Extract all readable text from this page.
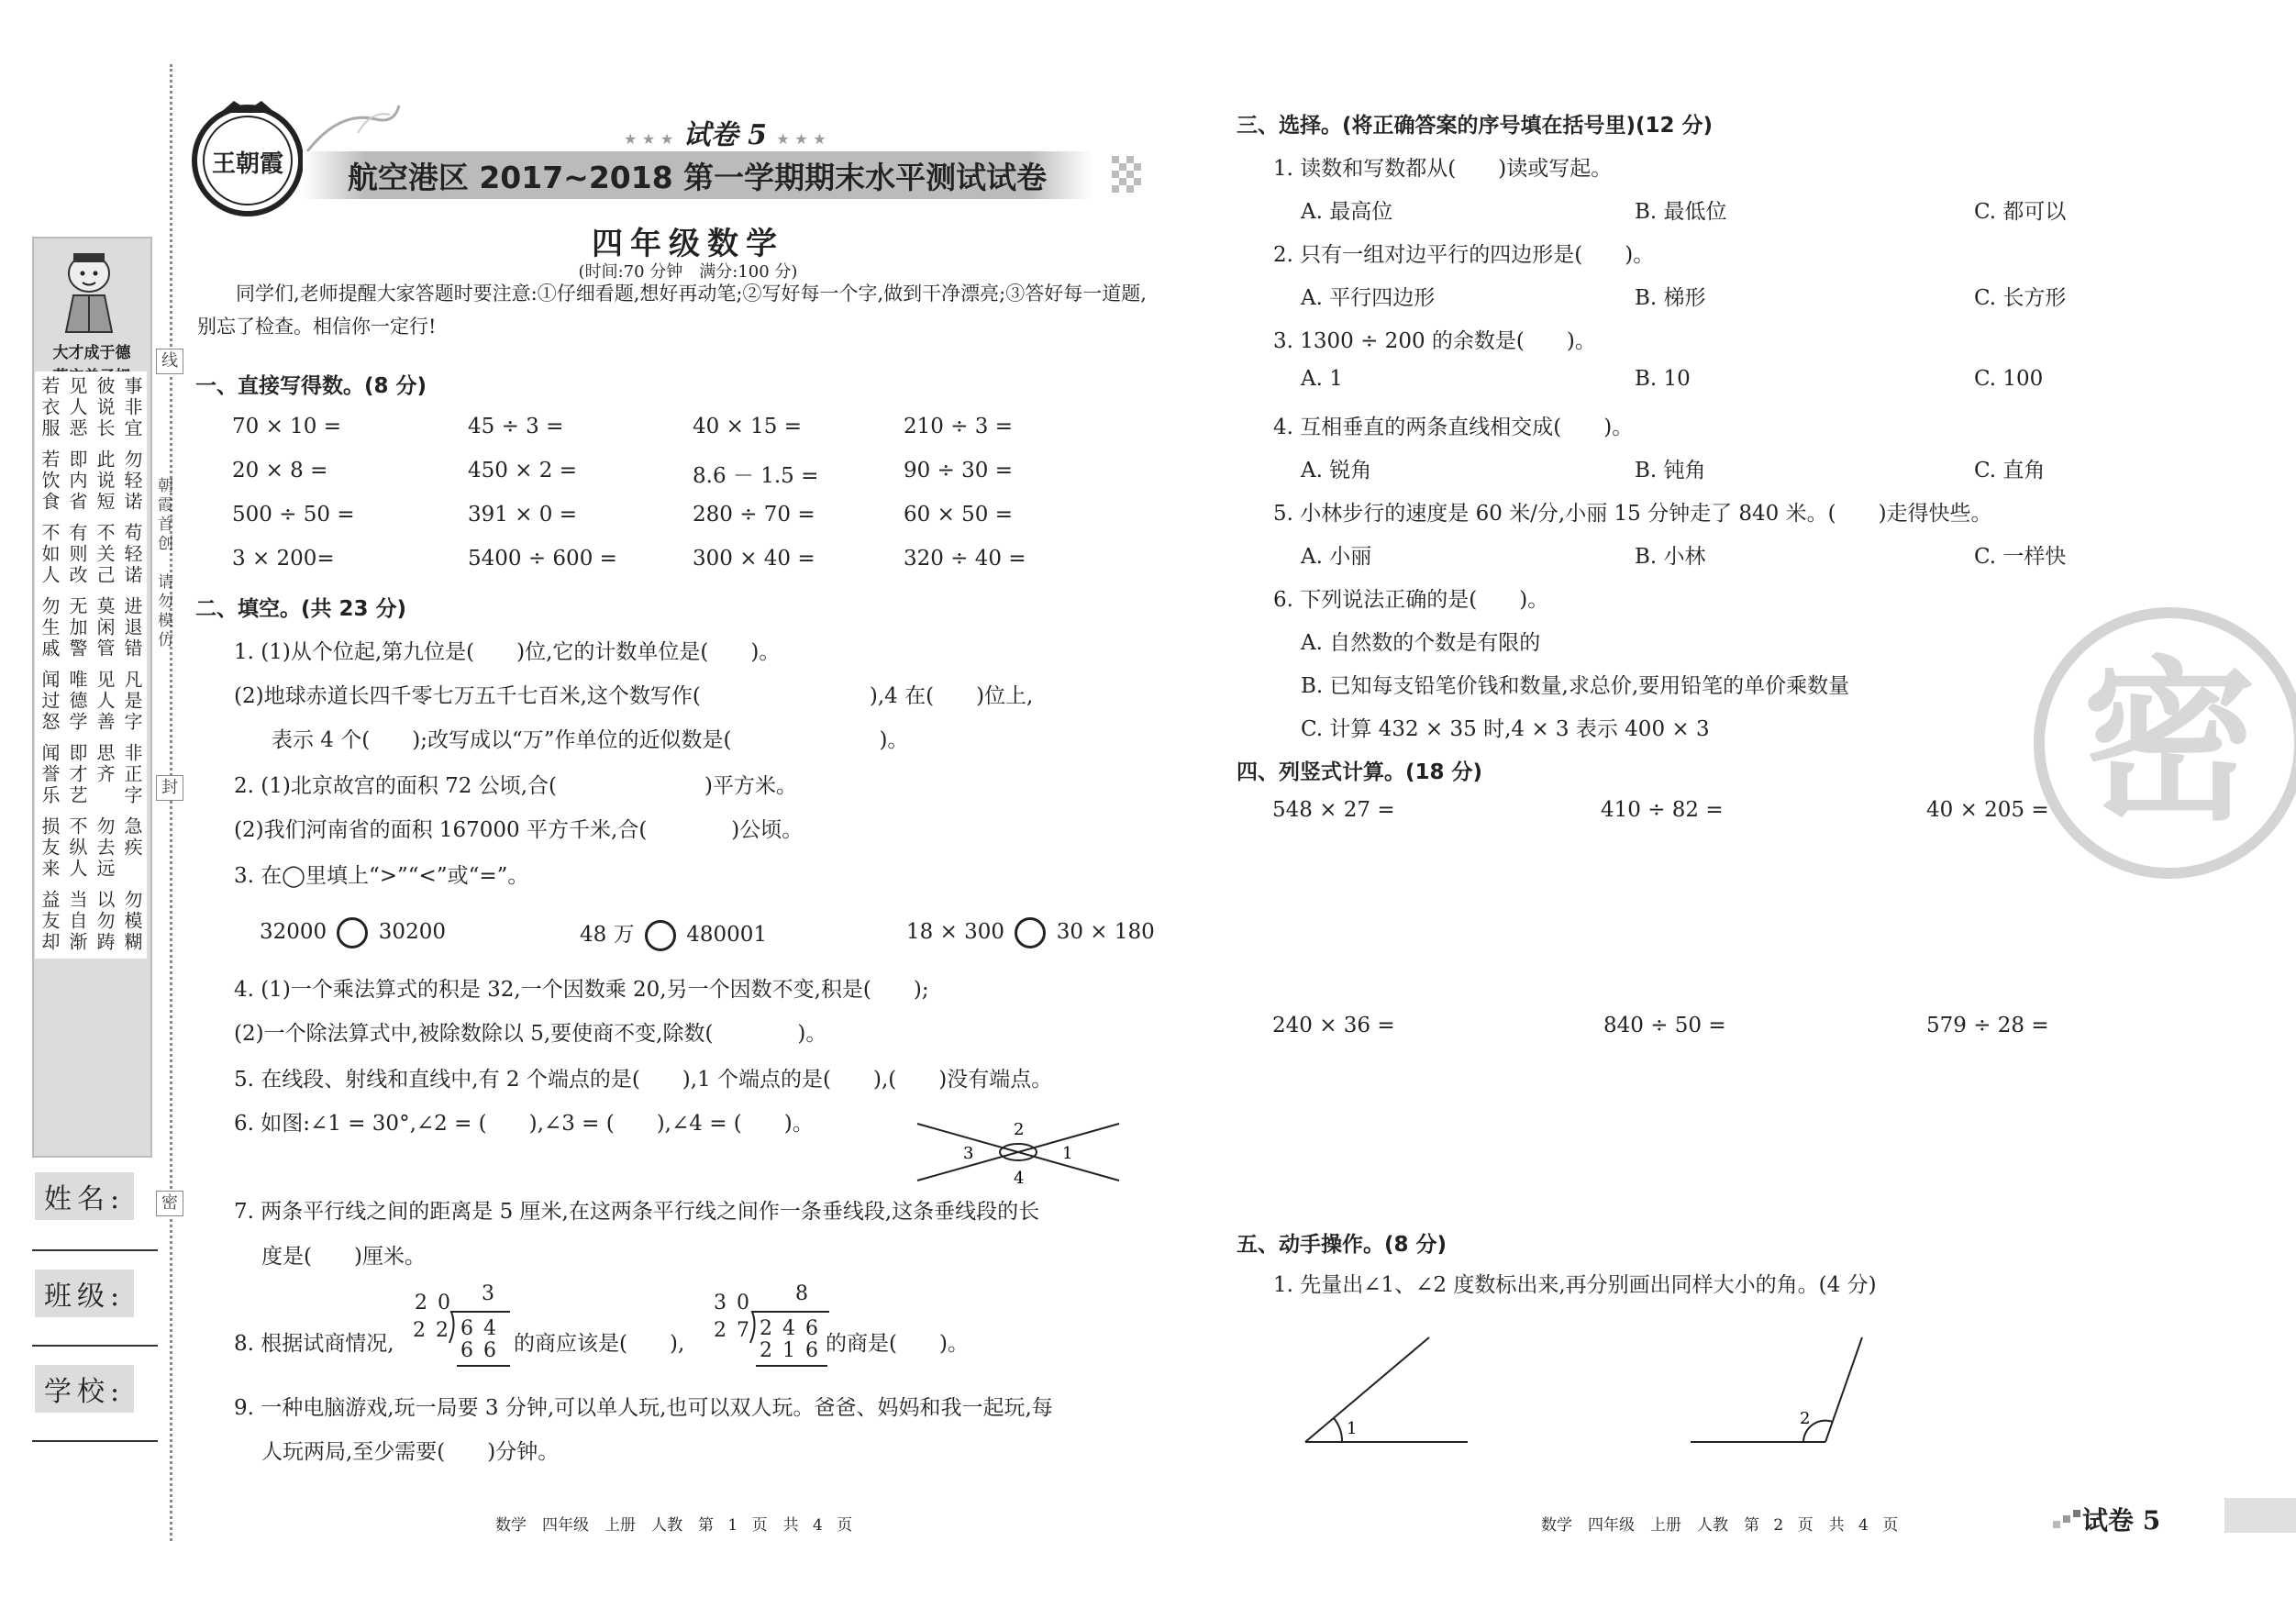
线
封
密
朝霞首创
请勿模仿
大才成于德
若衣服 见人恶 彼说长 事非宜
若饮食 即内省 此说短 勿轻诺
不如人 有则改 不关己 苟轻诺
勿生戚 无加警 莫闲管 进退错
闻过怒 唯德学 见人善 凡是字
闻誉乐 即才艺 思齐 非正字
损友来 不纵人 勿去远 急疾
益友却 当自渐 以勿踌 勿模糊
姓名:
班级:
学校:
王朝霞
★ ★ ★ 试卷 5 ★ ★ ★
航空港区 2017~2018 第一学期期末水平测试试卷
四年级数学
(时间:70 分钟　满分:100 分)
同学们,老师提醒大家答题时要注意:①仔细看题,想好再动笔;②写好每一个字,做到干净漂亮;③答好每一道题,别忘了检查。相信你一定行!
一、直接写得数。(8 分)
70 × 10 =	45 ÷ 3 =	40 × 15 =	210 ÷ 3 =
20 × 8 =	450 × 2 =	8.6 － 1.5 =	90 ÷ 30 =
500 ÷ 50 =	391 × 0 =	280 ÷ 70 =	60 × 50 =
3 × 200=	5400 ÷ 600 =	300 × 40 =	320 ÷ 40 =
二、填空。(共 23 分)
1. (1)从个位起,第九位是(　　)位,它的计数单位是(　　)。
(2)地球赤道长四千零七万五千七百米,这个数写作(　　　　　　　　),4 在(　　)位上,
表示 4 个(　　);改写成以“万”作单位的近似数是(　　　　　　　)。
2. (1)北京故宫的面积 72 公顷,合(　　　　　　　)平方米。
(2)我们河南省的面积 167000 平方千米,合(　　　　)公顷。
3. 在◯里填上“>”“<”或“=”。
32000 30200	48 万 480001	18 × 300 30 × 180
4. (1)一个乘法算式的积是 32,一个因数乘 20,另一个因数不变,积是(　　);
(2)一个除法算式中,被除数除以 5,要使商不变,除数(　　　　)。
5. 在线段、射线和直线中,有 2 个端点的是(　　),1 个端点的是(　　),(　　)没有端点。
6. 如图:∠1 = 30°,∠2 = (　　),∠3 = (　　),∠4 = (　　)。	2
3
4
1
7. 两条平行线之间的距离是 5 厘米,在这两条平行线之间作一条垂线段,这条垂线段的长
度是(　　)厘米。
8. 根据试商情况,
2 0 3
2 2 6 4
6 6 的商应该是(　　),
3 0 8
2 7 2 4 6
2 1 6 的商是(　　)。
9. 一种电脑游戏,玩一局要 3 分钟,可以单人玩,也可以双人玩。爸爸、妈妈和我一起玩,每
人玩两局,至少需要(　　)分钟。
三、选择。(将正确答案的序号填在括号里)(12 分)
1. 读数和写数都从(　　)读或写起。
A. 最高位	B. 最低位	C. 都可以
2. 只有一组对边平行的四边形是(　　)。
A. 平行四边形	B. 梯形	C. 长方形
3. 1300 ÷ 200 的余数是(　　)。
A. 1	B. 10	C. 100
4. 互相垂直的两条直线相交成(　　)。
A. 锐角	B. 钝角	C. 直角
5. 小林步行的速度是 60 米/分,小丽 15 分钟走了 840 米。(　　)走得快些。
A. 小丽	B. 小林	C. 一样快
6. 下列说法正确的是(　　)。
A. 自然数的个数是有限的
B. 已知每支铅笔价钱和数量,求总价,要用铅笔的单价乘数量
C. 计算 432 × 35 时,4 × 3 表示 400 × 3
四、列竖式计算。(18 分)
548 × 27 =	410 ÷ 82 =	40 × 205 =
240 × 36 =	840 ÷ 50 =	579 ÷ 28 =
五、动手操作。(8 分)
1. 先量出∠1、∠2 度数标出来,再分别画出同样大小的角。(4 分)
1
2
密
数学　四年级　上册　人教　第 1 页　共 4 页	数学　四年级　上册　人教　第 2 页　共 4 页	试卷 5
